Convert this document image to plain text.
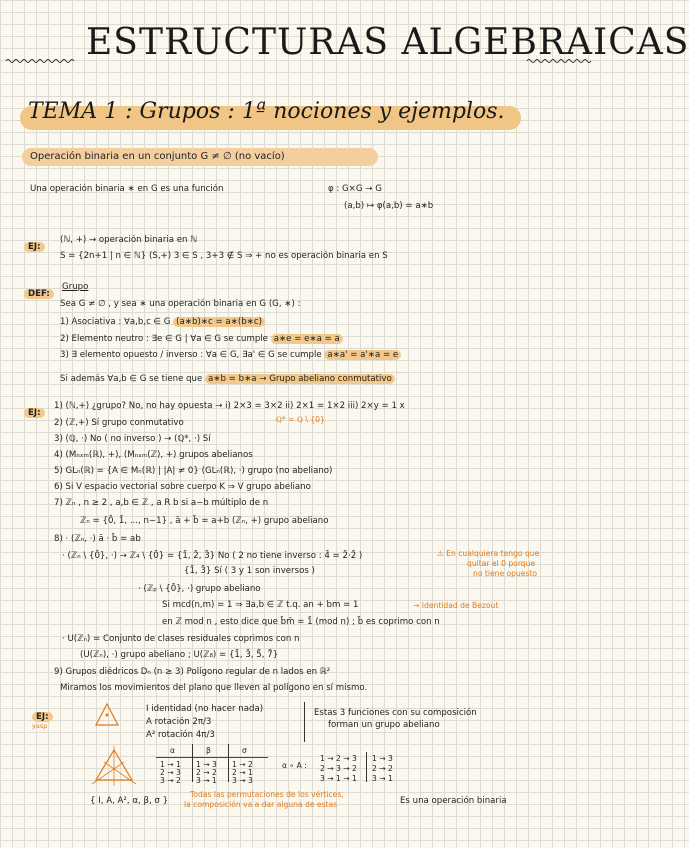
ESTRUCTURAS ALGEBRAICAS
TEMA 1 : Grupos : 1ª nociones y ejemplos.
Operación binaria en un conjunto G ≠ ∅ (no vacío)
Una operación binaria ∗ en G es una función	φ : G×G → G
(a,b) ↦ φ(a,b) = a∗b
EJ:
(ℕ, +) → operación binaria en ℕ
S = {2n+1 | n ∈ ℕ} (S,+) 3 ∈ S , 3+3 ∉ S ⇒ + no es operación binaria en S
DEF:
Grupo
Sea G ≠ ∅ , y sea ∗ una operación binaria en G (G, ∗) :
1) Asociativa : ∀a,b,c ∈ G (a∗b)∗c = a∗(b∗c)
2) Elemento neutro : ∃e ∈ G | ∀a ∈ G se cumple a∗e = e∗a = a
3) ∃ elemento opuesto / inverso : ∀a ∈ G, ∃a' ∈ G se cumple a∗a' = a'∗a = e
Si además ∀a,b ∈ G se tiene que a∗b = b∗a → Grupo abeliano conmutativo
EJ:
1) (ℕ,+) ¿grupo? No, no hay opuesta → i) 2×3 = 3×2 ii) 2×1 = 1×2 iii) 2×y = 1 x
ℚ* = ℚ \ {0}
2) (ℤ,+) Sí grupo conmutativo
3) (ℚ, ·) No ( no inverso ) → (ℚ*, ·) Sí
4) (Mₙₓₘ(ℝ), +), (Mₙₓₘ(ℤ), +) grupos abelianos
5) GLₙ(ℝ) = {A ∈ Mₙ(ℝ) | |A| ≠ 0} (GLₙ(ℝ), ·) grupo (no abeliano)
6) Si V espacio vectorial sobre cuerpo K ⇒ V grupo abeliano
7) ℤₙ , n ≥ 2 , a,b ∈ ℤ , a R b si a−b múltiplo de n
ℤₙ = {0̄, 1̄, ..., n−1} , ā + b̄ = a+b (ℤₙ, +) grupo abeliano
8) · (ℤₙ, ·) ā · b̄ = ab
· (ℤₙ \ {0̄}, ·) → ℤ₄ \ {0̄} = {1̄, 2̄, 3̄} No ( 2 no tiene inverso : 4̄ = 2̄·2̄ )	⚠ En cualquiera tengo que
quitar el 0 porque
no tiene opuesto
{1̄, 3̄} Sí ( 3 y 1 son inversos )
· (ℤₚ \ {0̄}, ·) grupo abeliano
Si mcd(n,m) = 1 ⇒ ∃a,b ∈ ℤ t.q. an + bm = 1	→ Identidad de Bezout
en ℤ mod n , esto dice que b̄m̄ = 1̄ (mod n) ; b̄ es coprimo con n
· U(ℤₙ) = Conjunto de clases residuales coprimos con n
(U(ℤₙ), ·) grupo abeliano ; U(ℤ₈) = {1̄, 3̄, 5̄, 7̄}
9) Grupos diédricos Dₙ (n ≥ 3) Polígono regular de n lados en ℝ²
Miramos los movimientos del plano que lleven al polígono en sí mismo.
EJ:
yasp
I identidad (no hacer nada)
A rotación 2π/3
A² rotación 4π/3
Estas 3 funciones con su composición
forman un grupo abeliano
α	β	σ
1 → 1 1 → 3 1 → 2
2 → 3 2 → 2 2 → 1
3 → 2 3 → 1 3 → 3
α ∘ A :
1 → 2 → 3
2 → 3 → 2
3 → 1 → 1
1 → 3
2 → 2
3 → 1
{ I, A, A², α, β, σ }
Todas las permutaciones de los vértices,
la composición va a dar alguna de estas	Es una operación binaria
